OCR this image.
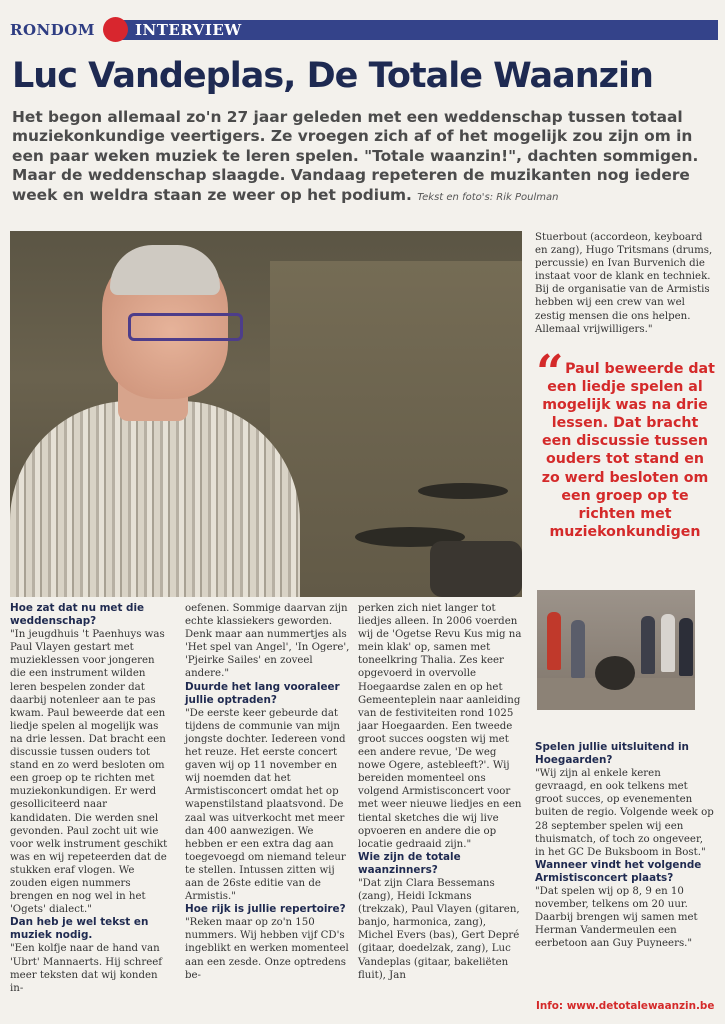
RONDOM	INTERVIEW
Luc Vandeplas, De Totale Waanzin
Het begon allemaal zo'n 27 jaar geleden met een weddenschap tussen totaal muziekonkundige veertigers. Ze vroegen zich af of het mogelijk zou zijn om in een paar weken muziek te leren spelen. "Totale waanzin!", dachten sommigen. Maar de weddenschap slaagde. Vandaag repeteren de muzikanten nog iedere week en weldra staan ze weer op het podium. Tekst en foto's: Rik Poulman

Hoe zat dat nu met die weddenschap?

"In jeugdhuis 't Paenhuys was Paul Vlayen gestart met muzieklessen voor jongeren die een instrument wilden leren bespelen zonder dat daarbij notenleer aan te pas kwam. Paul beweerde dat een liedje spelen al mogelijk was na drie lessen. Dat bracht een discussie tussen ouders tot stand en zo werd besloten om een groep op te richten met muziekonkundigen. Er werd gesolliciteerd naar kandidaten. Die werden snel gevonden. Paul zocht uit wie voor welk instrument geschikt was en wij repeteerden dat de stukken eraf vlogen. We zouden eigen nummers brengen en nog wel in het 'Ogets' dialect."

Dan heb je wel tekst en muziek nodig.

"Een kolfje naar de hand van 'Ubrt' Mannaerts. Hij schreef meer teksten dat wij konden in-

oefenen. Sommige daarvan zijn echte klassiekers geworden. Denk maar aan nummertjes als 'Het spel van Angel', 'In Ogere', 'Pjeirke Sailes' en zoveel andere."

Duurde het lang vooraleer jullie optraden?

"De eerste keer gebeurde dat tijdens de communie van mijn jongste dochter. Iedereen vond het reuze. Het eerste concert gaven wij op 11 november en wij noemden dat het Armistisconcert omdat het op wapenstilstand plaatsvond. De zaal was uitverkocht met meer dan 400 aanwezigen. We hebben er een extra dag aan toegevoegd om niemand teleur te stellen. Intussen zitten wij aan de 26ste editie van de Armistis."

Hoe rijk is jullie repertoire?

"Reken maar op zo'n 150 nummers. Wij hebben vijf CD's ingeblikt en werken momenteel aan een zesde. Onze optredens be-

perken zich niet langer tot liedjes alleen. In 2006 voerden wij de 'Ogetse Revu Kus mig na mein klak' op, samen met toneelkring Thalia. Zes keer opgevoerd in overvolle Hoegaardse zalen en op het Gemeenteplein naar aanleiding van de festiviteiten rond 1025 jaar Hoegaarden. Een tweede groot succes oogsten wij met een andere revue, 'De weg nowe Ogere, astebleeft?'. Wij bereiden momenteel ons volgend Armistisconcert voor met weer nieuwe liedjes en een tiental sketches die wij live opvoeren en andere die op locatie gedraaid zijn."

Wie zijn de totale waanzinners?

"Dat zijn Clara Bessemans (zang), Heidi Ickmans (trekzak), Paul Vlayen (gitaren, banjo, harmonica, zang), Michel Evers (bas), Gert Depré (gitaar, doedelzak, zang), Luc Vandeplas (gitaar, bakeliëten fluit), Jan

Stuerbout (accordeon, keyboard en zang), Hugo Tritsmans (drums, percussie) en Ivan Burvenich die instaat voor de klank en techniek. Bij de organisatie van de Armistis hebben wij een crew van wel zestig mensen die ons helpen. Allemaal vrijwilligers."
“ Paul beweerde dat een liedje spelen al mogelijk was na drie lessen. Dat bracht een discussie tussen ouders tot stand en zo werd besloten om een groep op te richten met muziekonkundigen

Spelen jullie uitsluitend in Hoegaarden?

"Wij zijn al enkele keren gevraagd, en ook telkens met groot succes, op evenementen buiten de regio. Volgende week op 28 september spelen wij een thuismatch, of toch zo ongeveer, in het GC De Buksboom in Bost."

Wanneer vindt het volgende Armistisconcert plaats?

"Dat spelen wij op 8, 9 en 10 november, telkens om 20 uur. Daarbij brengen wij samen met Herman Vandermeulen een eerbetoon aan Guy Puyneers."

Info: www.detotalewaanzin.be
